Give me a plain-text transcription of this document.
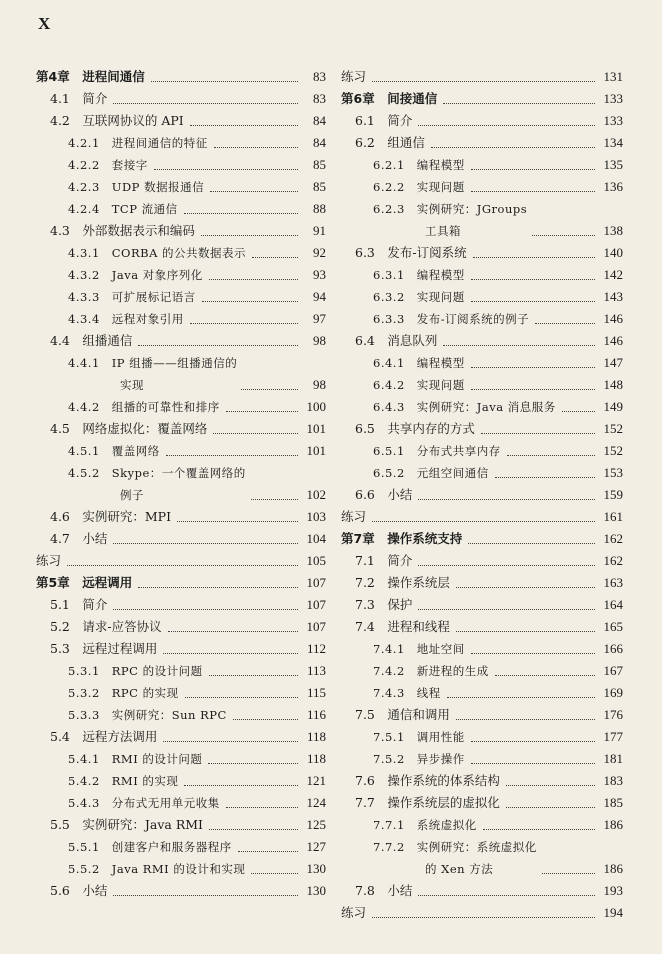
X
第4章　进程间通信	83
4.1　简介	83
4.2　互联网协议的 API	84
4.2.1　进程间通信的特征	84
4.2.2　套接字	85
4.2.3　UDP 数据报通信	85
4.2.4　TCP 流通信	88
4.3　外部数据表示和编码	91
4.3.1　CORBA 的公共数据表示	92
4.3.2　Java 对象序列化	93
4.3.3　可扩展标记语言	94
4.3.4　远程对象引用	97
4.4　组播通信	98
4.4.1　IP 组播——组播通信的
实现	98
4.4.2　组播的可靠性和排序	100
4.5　网络虚拟化：覆盖网络	101
4.5.1　覆盖网络	101
4.5.2　Skype：一个覆盖网络的
例子	102
4.6　实例研究：MPI	103
4.7　小结	104
练习	105
第5章　远程调用	107
5.1　简介	107
5.2　请求-应答协议	107
5.3　远程过程调用	112
5.3.1　RPC 的设计问题	113
5.3.2　RPC 的实现	115
5.3.3　实例研究：Sun RPC	116
5.4　远程方法调用	118
5.4.1　RMI 的设计问题	118
5.4.2　RMI 的实现	121
5.4.3　分布式无用单元收集	124
5.5　实例研究：Java RMI	125
5.5.1　创建客户和服务器程序	127
5.5.2　Java RMI 的设计和实现	130
5.6　小结	130
练习	131
第6章　间接通信	133
6.1　简介	133
6.2　组通信	134
6.2.1　编程模型	135
6.2.2　实现问题	136
6.2.3　实例研究：JGroups
工具箱	138
6.3　发布-订阅系统	140
6.3.1　编程模型	142
6.3.2　实现问题	143
6.3.3　发布-订阅系统的例子	146
6.4　消息队列	146
6.4.1　编程模型	147
6.4.2　实现问题	148
6.4.3　实例研究：Java 消息服务	149
6.5　共享内存的方式	152
6.5.1　分布式共享内存	152
6.5.2　元组空间通信	153
6.6　小结	159
练习	161
第7章　操作系统支持	162
7.1　简介	162
7.2　操作系统层	163
7.3　保护	164
7.4　进程和线程	165
7.4.1　地址空间	166
7.4.2　新进程的生成	167
7.4.3　线程	169
7.5　通信和调用	176
7.5.1　调用性能	177
7.5.2　异步操作	181
7.6　操作系统的体系结构	183
7.7　操作系统层的虚拟化	185
7.7.1　系统虚拟化	186
7.7.2　实例研究：系统虚拟化
的 Xen 方法	186
7.8　小结	193
练习	194
